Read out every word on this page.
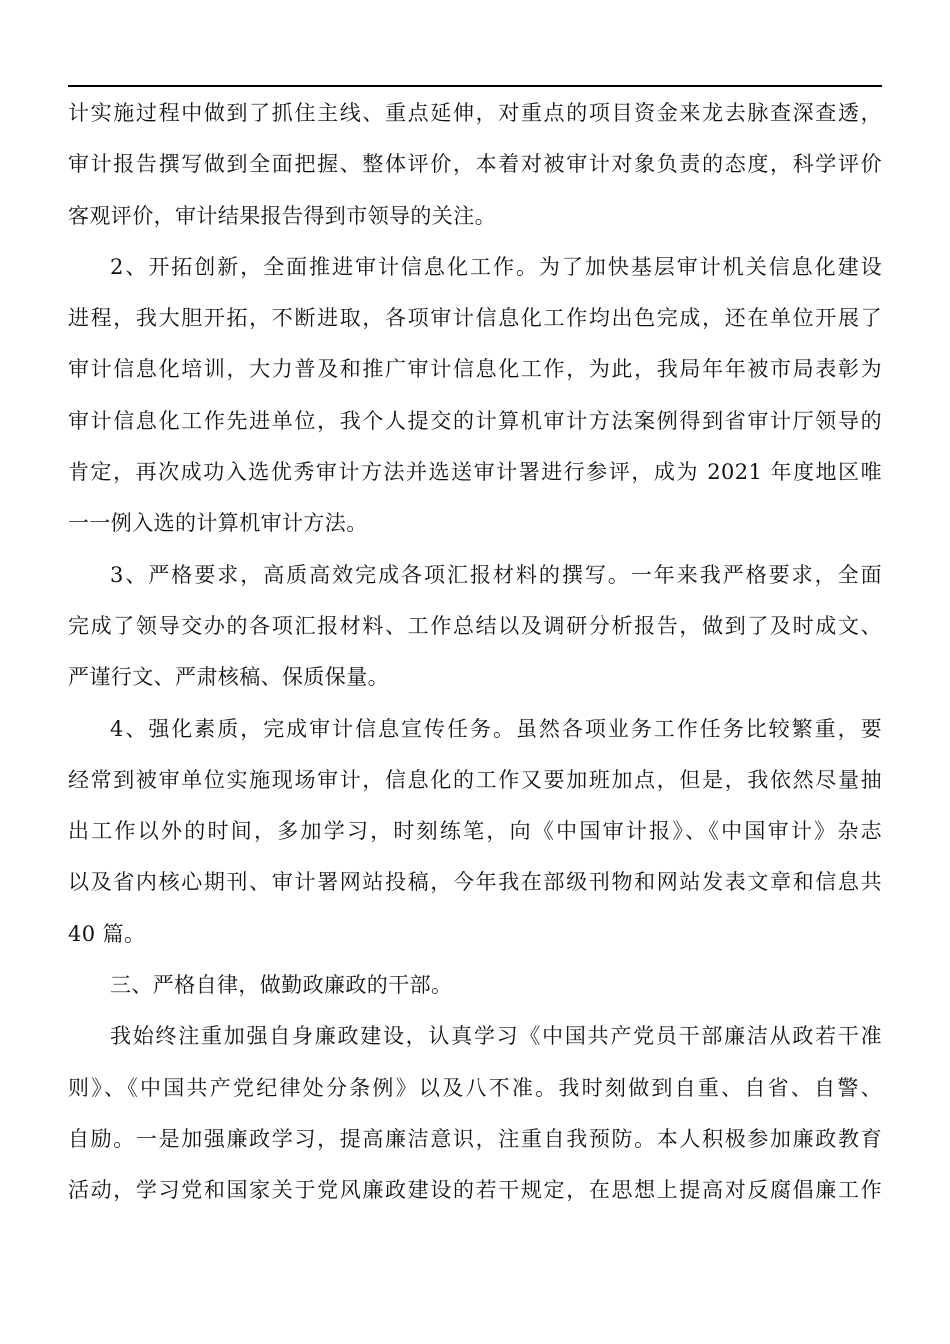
计实施过程中做到了抓住主线、重点延伸，对重点的项目资金来龙去脉查深查透，
审计报告撰写做到全面把握、整体评价，本着对被审计对象负责的态度，科学评价
客观评价，审计结果报告得到市领导的关注。
2、开拓创新，全面推进审计信息化工作。为了加快基层审计机关信息化建设
进程，我大胆开拓，不断进取，各项审计信息化工作均出色完成，还在单位开展了
审计信息化培训，大力普及和推广审计信息化工作，为此，我局年年被市局表彰为
审计信息化工作先进单位，我个人提交的计算机审计方法案例得到省审计厅领导的
肯定，再次成功入选优秀审计方法并选送审计署进行参评，成为 2021 年度地区唯
一一例入选的计算机审计方法。
3、严格要求，高质高效完成各项汇报材料的撰写。一年来我严格要求，全面
完成了领导交办的各项汇报材料、工作总结以及调研分析报告，做到了及时成文、
严谨行文、严肃核稿、保质保量。
4、强化素质，完成审计信息宣传任务。虽然各项业务工作任务比较繁重，要
经常到被审单位实施现场审计，信息化的工作又要加班加点，但是，我依然尽量抽
出工作以外的时间，多加学习，时刻练笔，向《中国审计报》、《中国审计》杂志
以及省内核心期刊、审计署网站投稿，今年我在部级刊物和网站发表文章和信息共
40 篇。
三、严格自律，做勤政廉政的干部。
我始终注重加强自身廉政建设，认真学习《中国共产党员干部廉洁从政若干准
则》、《中国共产党纪律处分条例》以及八不准。我时刻做到自重、自省、自警、
自励。一是加强廉政学习，提高廉洁意识，注重自我预防。本人积极参加廉政教育
活动，学习党和国家关于党风廉政建设的若干规定，在思想上提高对反腐倡廉工作
